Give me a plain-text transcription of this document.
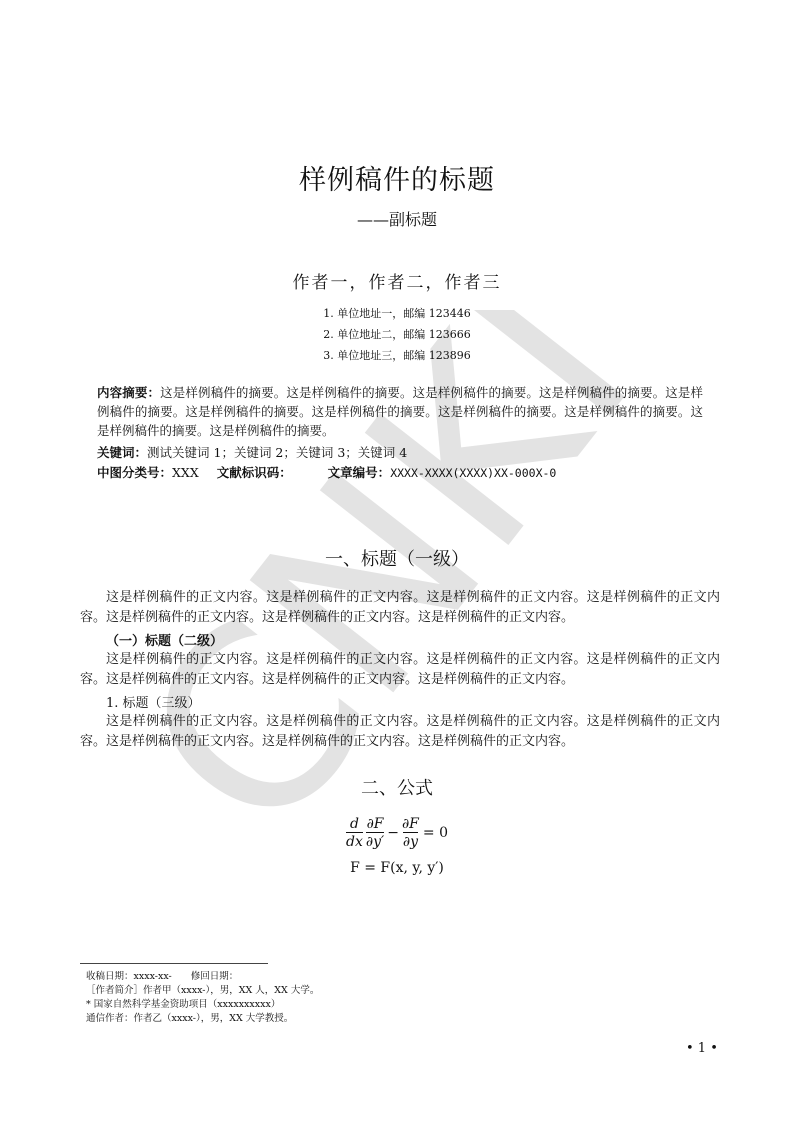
CNKI
样例稿件的标题
——副标题
作者一，作者二，作者三
1. 单位地址一，邮编 123446
2. 单位地址二，邮编 123666
3. 单位地址三，邮编 123896
内容摘要：这是样例稿件的摘要。这是样例稿件的摘要。这是样例稿件的摘要。这是样例稿件的摘要。这是样例稿件的摘要。这是样例稿件的摘要。这是样例稿件的摘要。这是样例稿件的摘要。这是样例稿件的摘要。这是样例稿件的摘要。这是样例稿件的摘要。
关键词：测试关键词 1；关键词 2；关键词 3；关键词 4
中图分类号：XXX 文献标识码：	文章编号：XXXX-XXXX(XXXX)XX-000X-0
一、标题（一级）
这是样例稿件的正文内容。这是样例稿件的正文内容。这是样例稿件的正文内容。这是样例稿件的正文内容。这是样例稿件的正文内容。这是样例稿件的正文内容。这是样例稿件的正文内容。
（一）标题（二级）
这是样例稿件的正文内容。这是样例稿件的正文内容。这是样例稿件的正文内容。这是样例稿件的正文内容。这是样例稿件的正文内容。这是样例稿件的正文内容。这是样例稿件的正文内容。
1. 标题（三级）
这是样例稿件的正文内容。这是样例稿件的正文内容。这是样例稿件的正文内容。这是样例稿件的正文内容。这是样例稿件的正文内容。这是样例稿件的正文内容。这是样例稿件的正文内容。
二、公式
$\frac{d}{dx} \frac{\partial F}{\partial y'} - \frac{\partial F}{\partial y} = 0$
F = F(x, y, y′)
收稿日期：xxxx-xx-　　修回日期：
［作者简介］作者甲（xxxx-），男，XX 人，XX 大学。
* 国家自然科学基金资助项目（xxxxxxxxxx）
通信作者：作者乙（xxxx-），男，XX 大学教授。
• 1 •
